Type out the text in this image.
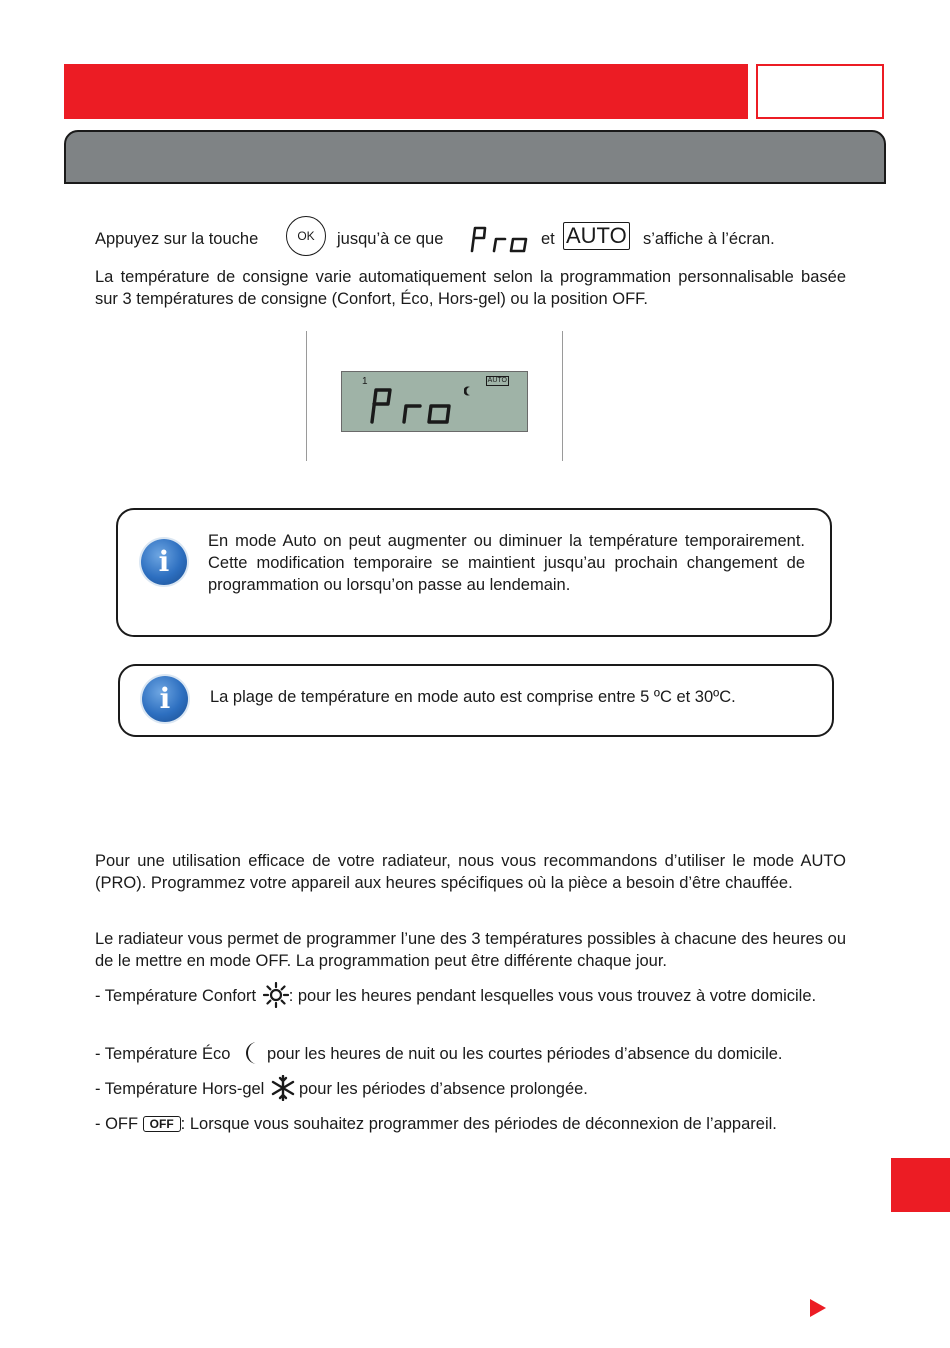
Appuyez sur la touche	OK	jusqu’à ce que	et AUTO s’affiche à l’écran.
La température de consigne varie automatiquement selon la programmation personnalisable basée sur 3 températures de consigne (Confort, Éco, Hors-gel) ou la position OFF.
1	AUTO
i
En mode Auto on peut augmenter ou diminuer la température temporairement. Cette modification temporaire se maintient jusqu’au prochain changement de programmation ou lorsqu’on passe au lendemain.
i La plage de température en mode auto est comprise entre 5 ºC et 30ºC.
Pour une utilisation efficace de votre radiateur, nous vous recommandons d’utiliser le mode AUTO (PRO). Programmez votre appareil aux heures spécifiques où la pièce a besoin d’être chauffée.
Le radiateur vous permet de programmer l’une des 3 températures possibles à chacune des heures ou de le mettre en mode OFF. La programmation peut être différente chaque jour.
- Température Confort : pour les heures pendant lesquelles vous vous trouvez à votre domicile.
- Température Éco pour les heures de nuit ou les courtes périodes d’absence du domicile.
- Température Hors-gel pour les périodes d’absence prolongée.
- OFF OFF : Lorsque vous souhaitez programmer des périodes de déconnexion de l’appareil.
